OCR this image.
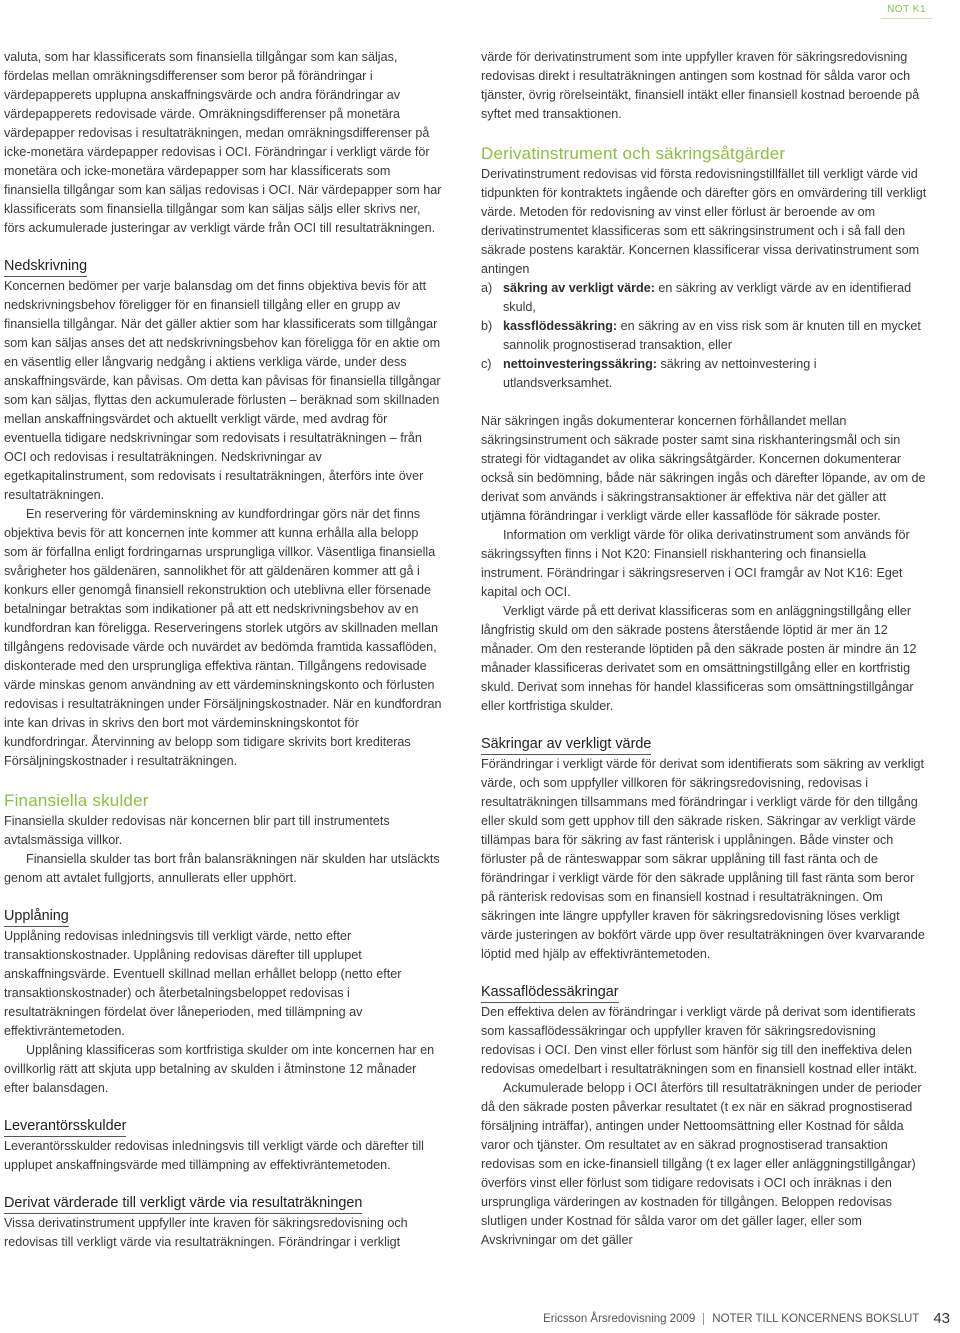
NOT K1

valuta, som har klassificerats som finansiella tillgångar som kan säljas, fördelas mellan omräkningsdifferenser som beror på förändringar i värdepapperets upplupna anskaffningsvärde och andra förändringar av värdepapperets redovisade värde. Omräkningsdifferenser på monetära värdepapper redovisas i resultaträkningen, medan omräkningsdifferenser på icke-monetära värdepapper redovisas i OCI. Förändringar i verkligt värde för monetära och icke-monetära värdepapper som har klassificerats som finansiella tillgångar som kan säljas redovisas i OCI. När värdepapper som har klassificerats som finansiella tillgångar som kan säljas säljs eller skrivs ner, förs ackumulerade justeringar av verkligt värde från OCI till resultaträkningen.

Nedskrivning

Koncernen bedömer per varje balansdag om det finns objektiva bevis för att nedskrivningsbehov föreligger för en finansiell tillgång eller en grupp av finansiella tillgångar. När det gäller aktier som har klassificerats som tillgångar som kan säljas anses det att nedskrivningsbehov kan föreligga för en aktie om en väsentlig eller långvarig nedgång i aktiens verkliga värde, under dess anskaffningsvärde, kan påvisas. Om detta kan påvisas för finansiella tillgångar som kan säljas, flyttas den ackumulerade förlusten – beräknad som skillnaden mellan anskaffningsvärdet och aktuellt verkligt värde, med avdrag för eventuella tidigare nedskrivningar som redovisats i resultaträkningen – från OCI och redovisas i resultaträkningen. Nedskrivningar av egetkapitalinstrument, som redovisats i resultaträkningen, återförs inte över resultaträkningen.

En reservering för värdeminskning av kundfordringar görs när det finns objektiva bevis för att koncernen inte kommer att kunna erhålla alla belopp som är förfallna enligt fordringarnas ursprungliga villkor. Väsentliga finansiella svårigheter hos gäldenären, sannolikhet för att gäldenären kommer att gå i konkurs eller genomgå finansiell rekonstruktion och uteblivna eller försenade betalningar betraktas som indikationer på att ett nedskrivningsbehov av en kundfordran kan föreligga. Reserveringens storlek utgörs av skillnaden mellan tillgångens redovisade värde och nuvärdet av bedömda framtida kassaflöden, diskonterade med den ursprungliga effektiva räntan. Tillgångens redovisade värde minskas genom användning av ett värdeminskningskonto och förlusten redovisas i resultaträkningen under Försäljningskostnader. När en kundfordran inte kan drivas in skrivs den bort mot värdeminskningskontot för kundfordringar. Återvinning av belopp som tidigare skrivits bort krediteras Försäljningskostnader i resultaträkningen.

Finansiella skulder

Finansiella skulder redovisas när koncernen blir part till instrumentets avtalsmässiga villkor.

Finansiella skulder tas bort från balansräkningen när skulden har utsläckts genom att avtalet fullgjorts, annullerats eller upphört.

Upplåning

Upplåning redovisas inledningsvis till verkligt värde, netto efter transaktionskostnader. Upplåning redovisas därefter till upplupet anskaffningsvärde. Eventuell skillnad mellan erhållet belopp (netto efter transaktionskostnader) och återbetalningsbeloppet redovisas i resultaträkningen fördelat över låneperioden, med tillämpning av effektivräntemetoden.

Upplåning klassificeras som kortfristiga skulder om inte koncernen har en ovillkorlig rätt att skjuta upp betalning av skulden i åtminstone 12 månader efter balansdagen.

Leverantörsskulder

Leverantörsskulder redovisas inledningsvis till verkligt värde och därefter till upplupet anskaffningsvärde med tillämpning av effektivräntemetoden.

Derivat värderade till verkligt värde via resultaträkningen

Vissa derivatinstrument uppfyller inte kraven för säkringsredovisning och redovisas till verkligt värde via resultaträkningen. Förändringar i verkligt

värde för derivatinstrument som inte uppfyller kraven för säkringsredovisning redovisas direkt i resultaträkningen antingen som kostnad för sålda varor och tjänster, övrig rörelseintäkt, finansiell intäkt eller finansiell kostnad beroende på syftet med transaktionen.

Derivatinstrument och säkringsåtgärder

Derivatinstrument redovisas vid första redovisningstillfället till verkligt värde vid tidpunkten för kontraktets ingående och därefter görs en omvärdering till verkligt värde. Metoden för redovisning av vinst eller förlust är beroende av om derivatinstrumentet klassificeras som ett säkringsinstrument och i så fall den säkrade postens karaktär. Koncernen klassificerar vissa derivatinstrument som antingen

a) säkring av verkligt värde: en säkring av verkligt värde av en identifierad skuld,
b) kassflödessäkring: en säkring av en viss risk som är knuten till en mycket sannolik prognostiserad transaktion, eller
c) nettoinvesteringssäkring: säkring av nettoinvestering i utlandsverksamhet.

När säkringen ingås dokumenterar koncernen förhållandet mellan säkringsinstrument och säkrade poster samt sina riskhanteringsmål och sin strategi för vidtagandet av olika säkringsåtgärder. Koncernen dokumenterar också sin bedömning, både när säkringen ingås och därefter löpande, av om de derivat som används i säkringstransaktioner är effektiva när det gäller att utjämna förändringar i verkligt värde eller kassaflöde för säkrade poster.

Information om verkligt värde för olika derivatinstrument som används för säkringssyften finns i Not K20: Finansiell riskhantering och finansiella instrument. Förändringar i säkringsreserven i OCI framgår av Not K16: Eget kapital och OCI.

Verkligt värde på ett derivat klassificeras som en anläggningstillgång eller långfristig skuld om den säkrade postens återstående löptid är mer än 12 månader. Om den resterande löptiden på den säkrade posten är mindre än 12 månader klassificeras derivatet som en omsättningstillgång eller en kortfristig skuld. Derivat som innehas för handel klassificeras som omsättningstillgångar eller kortfristiga skulder.

Säkringar av verkligt värde

Förändringar i verkligt värde för derivat som identifierats som säkring av verkligt värde, och som uppfyller villkoren för säkringsredovisning, redovisas i resultaträkningen tillsammans med förändringar i verkligt värde för den tillgång eller skuld som gett upphov till den säkrade risken. Säkringar av verkligt värde tillämpas bara för säkring av fast ränterisk i upplåningen. Både vinster och förluster på de ränteswappar som säkrar upplåning till fast ränta och de förändringar i verkligt värde för den säkrade upplåning till fast ränta som beror på ränterisk redovisas som en finansiell kostnad i resultaträkningen. Om säkringen inte längre uppfyller kraven för säkringsredovisning löses verkligt värde justeringen av bokfört värde upp över resultaträkningen över kvarvarande löptid med hjälp av effektivräntemetoden.

Kassaflödessäkringar

Den effektiva delen av förändringar i verkligt värde på derivat som identifierats som kassaflödessäkringar och uppfyller kraven för säkringsredovisning redovisas i OCI. Den vinst eller förlust som hänför sig till den ineffektiva delen redovisas omedelbart i resultaträkningen som en finansiell kostnad eller intäkt.

Ackumulerade belopp i OCI återförs till resultaträkningen under de perioder då den säkrade posten påverkar resultatet (t ex när en säkrad prognostiserad försäljning inträffar), antingen under Nettoomsättning eller Kostnad för sålda varor och tjänster. Om resultatet av en säkrad prognostiserad transaktion redovisas som en icke-finansiell tillgång (t ex lager eller anläggningstillgångar) överförs vinst eller förlust som tidigare redovisats i OCI och inräknas i den ursprungliga värderingen av kostnaden för tillgången. Beloppen redovisas slutligen under Kostnad för sålda varor om det gäller lager, eller som Avskrivningar om det gäller

Ericsson Årsredovisning 2009 NOTER TILL KONCERNENS BOKSLUT 43
